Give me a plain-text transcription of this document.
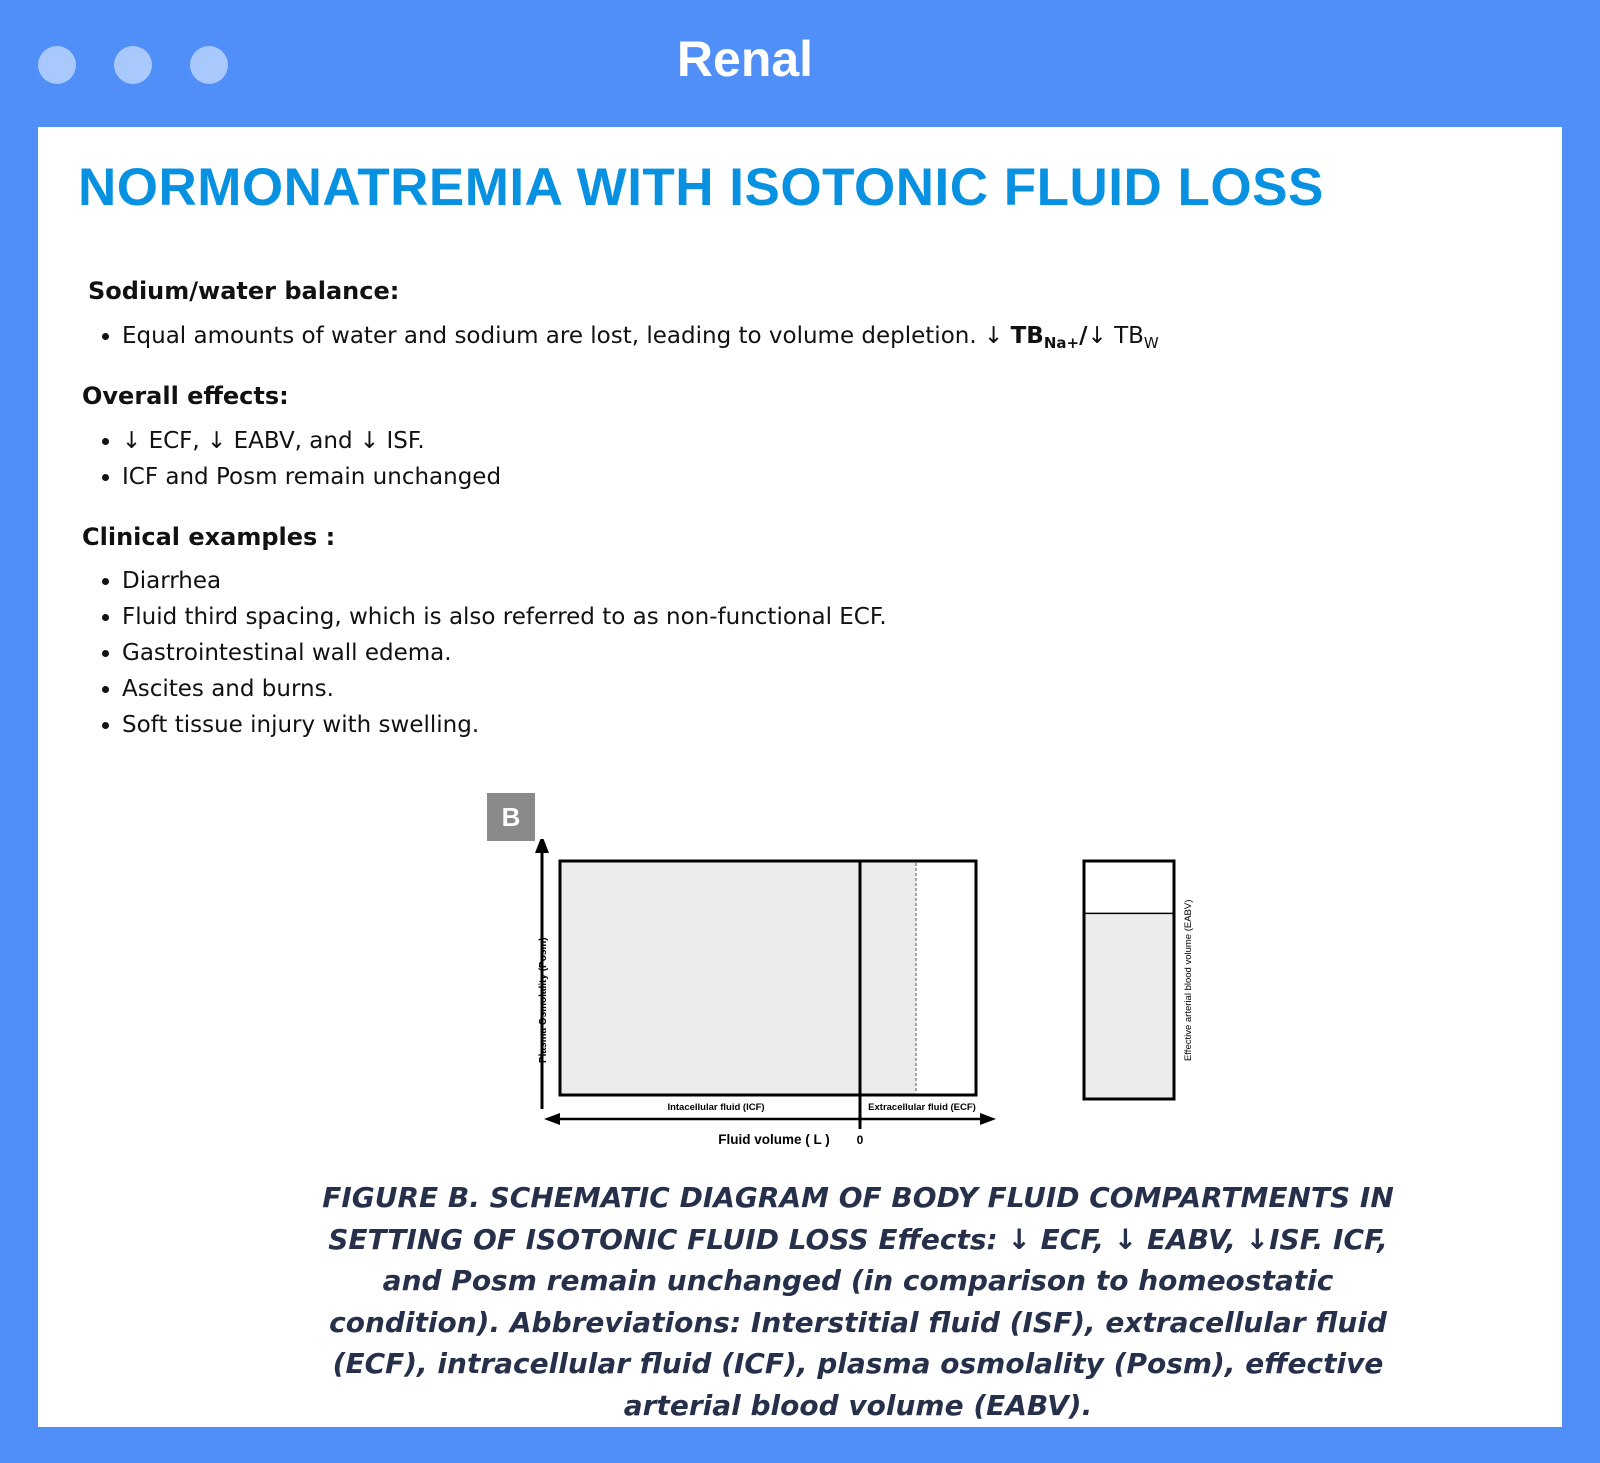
Renal
NORMONATREMIA WITH ISOTONIC FLUID LOSS
Sodium/water balance:
Equal amounts of water and sodium are lost, leading to volume depletion. ↓ $TB_{Na+}/↓$ $TB_W$
Overall effects:
↓ ECF, ↓ EABV, and ↓ ISF.
ICF and Posm remain unchanged
Clinical examples :
Diarrhea
Fluid third spacing, which is also referred to as non-functional ECF.
Gastrointestinal wall edema.
Ascites and burns.
Soft tissue injury with swelling.
B
Plasma Osmolality (Posm)
Intacellular fluid (ICF)	Extracellular fluid (ECF)
Fluid volume ( L ) 0
Effective arterial blood volume (EABV)

FIGURE B. SCHEMATIC DIAGRAM OF BODY FLUID COMPARTMENTS IN SETTING OF ISOTONIC FLUID LOSS Effects: ↓ ECF, ↓ EABV, ↓ISF. ICF, and Posm remain unchanged (in comparison to homeostatic condition). Abbreviations: Interstitial fluid (ISF), extracellular fluid (ECF), intracellular fluid (ICF), plasma osmolality (Posm), effective arterial blood volume (EABV).
